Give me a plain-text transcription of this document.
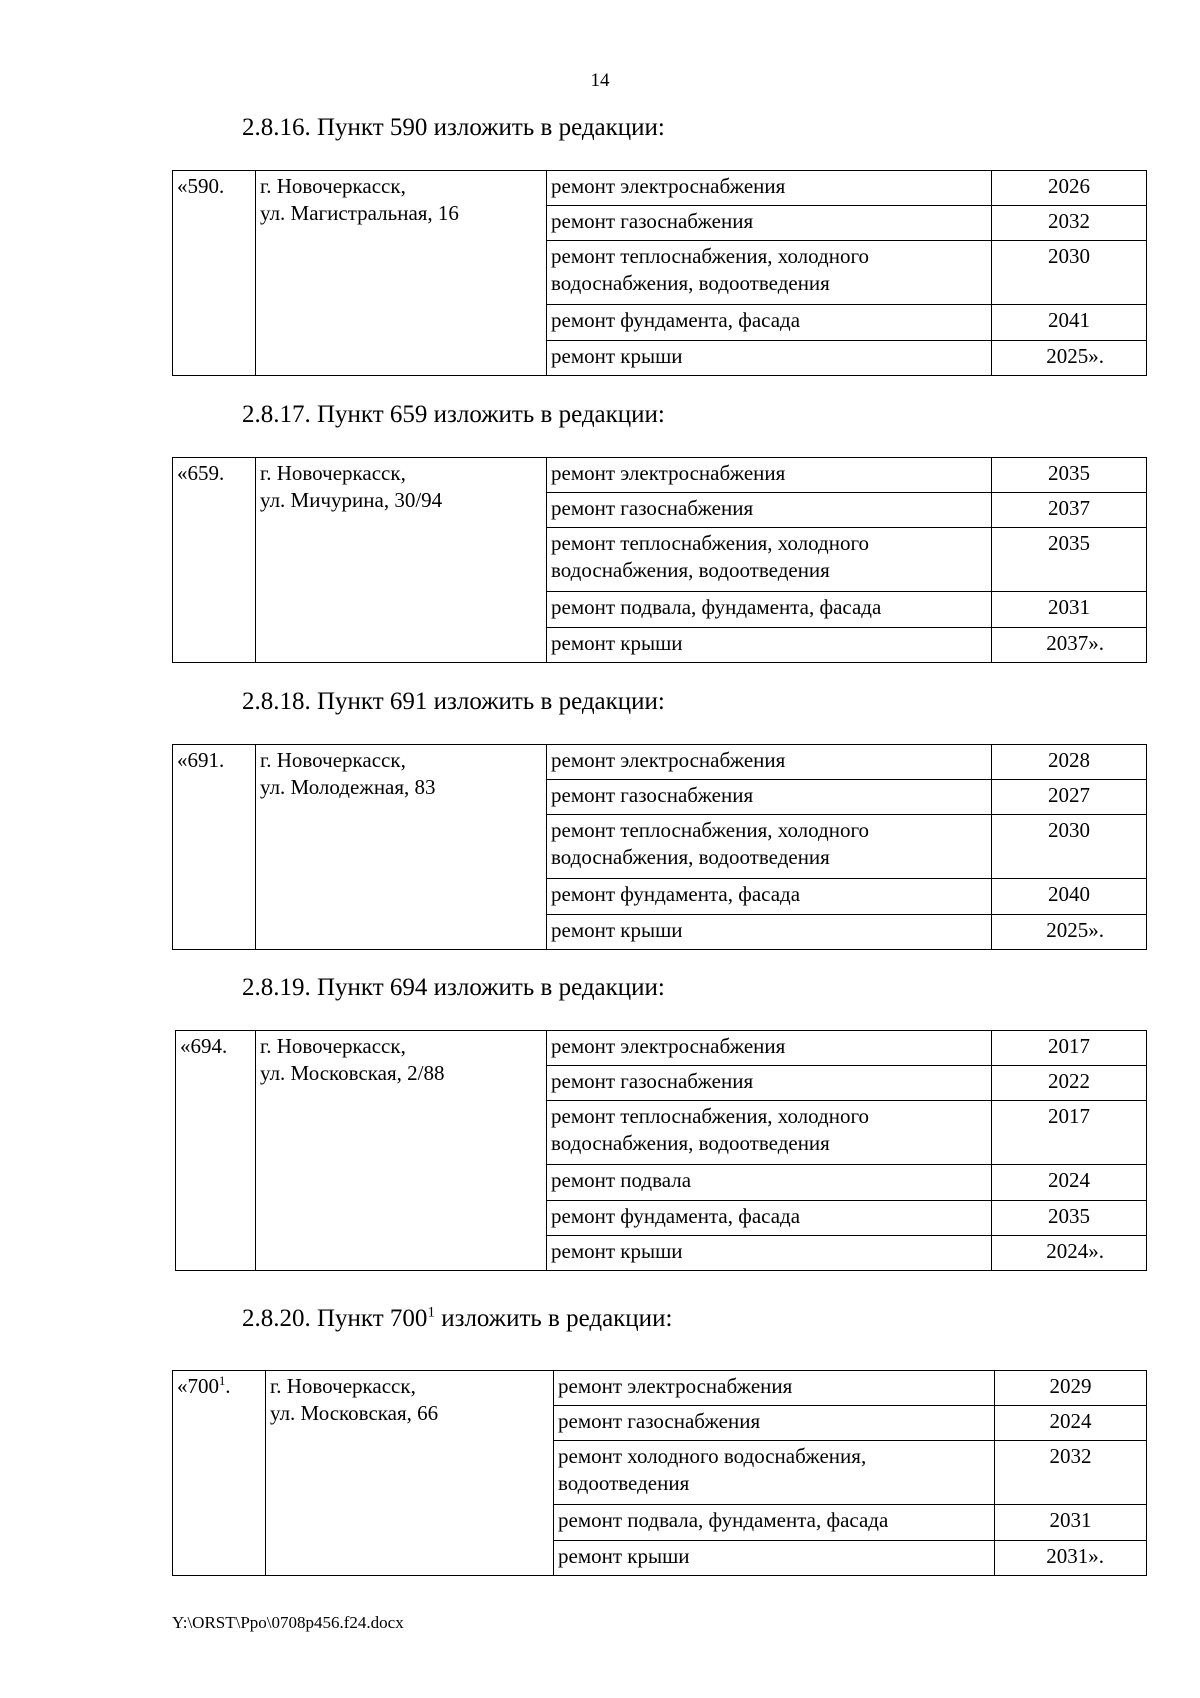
14
2.8.16. Пункт 590 изложить в редакции:
«590.	г. Новочеркасск,
ул. Магистральная, 16	ремонт электроснабжения	2026
		ремонт газоснабжения	2032
		ремонт теплоснабжения, холодного водоснабжения, водоотведения	2030
		ремонт фундамента, фасада	2041
		ремонт крыши	2025».
2.8.17. Пункт 659 изложить в редакции:
«659.	г. Новочеркасск,
ул. Мичурина, 30/94	ремонт электроснабжения	2035
		ремонт газоснабжения	2037
		ремонт теплоснабжения, холодного водоснабжения, водоотведения	2035
		ремонт подвала, фундамента, фасада	2031
		ремонт крыши	2037».
2.8.18. Пункт 691 изложить в редакции:
«691.	г. Новочеркасск,
ул. Молодежная, 83	ремонт электроснабжения	2028
		ремонт газоснабжения	2027
		ремонт теплоснабжения, холодного водоснабжения, водоотведения	2030
		ремонт фундамента, фасада	2040
		ремонт крыши	2025».
2.8.19. Пункт 694 изложить в редакции:
«694.	г. Новочеркасск,
ул. Московская, 2/88	ремонт электроснабжения	2017
		ремонт газоснабжения	2022
		ремонт теплоснабжения, холодного водоснабжения, водоотведения	2017
		ремонт подвала	2024
		ремонт фундамента, фасада	2035
		ремонт крыши	2024».
2.8.20. Пункт $700^1$ изложить в редакции:
«$700^1$.	г. Новочеркасск,
ул. Московская, 66	ремонт электроснабжения	2029
		ремонт газоснабжения	2024
		ремонт холодного водоснабжения, водоотведения	2032
		ремонт подвала, фундамента, фасада	2031
		ремонт крыши	2031».
Y:\ORST\Ppo\0708p456.f24.docx
